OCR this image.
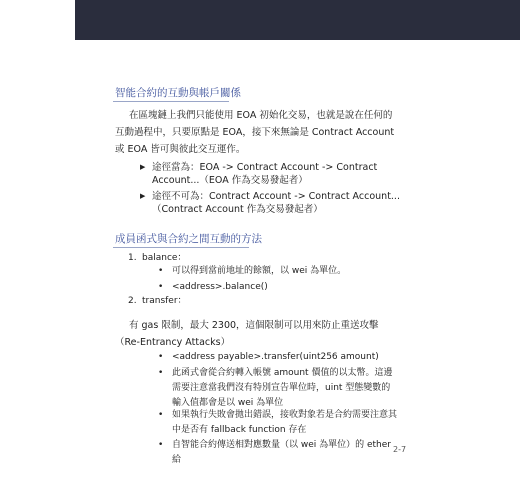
智能合約的互動與帳戶關係

在區塊鏈上我們只能使用 EOA 初始化交易，也就是說在任何的互動過程中，只要原點是 EOA，接下來無論是 Contract Account 或 EOA 皆可與彼此交互運作。

▶ 途徑當為：EOA -> Contract Account -> Contract Account...（EOA 作為交易發起者）
▶ 途徑不可為：Contract Account -> Contract Account...（Contract Account 作為交易發起者）
成員函式與合約之間互動的方法
1. balance：
• 可以得到當前地址的餘額，以 wei 為單位。
• <address>.balance()
2. transfer：

有 gas 限制，最大 2300，這個限制可以用來防止重送攻擊（Re-Entrancy Attacks）

• <address payable>.transfer(uint256 amount)
• 此函式會從合約轉入帳號 amount 價值的以太幣。這邊需要注意當我們沒有特別宣告單位時，uint 型態變數的輸入值都會是以 wei 為單位
• 如果執行失敗會拋出錯誤，接收對象若是合約需要注意其中是否有 fallback function 存在
• 自智能合約傳送相對應數量（以 wei 為單位）的 ether 給
2-7
